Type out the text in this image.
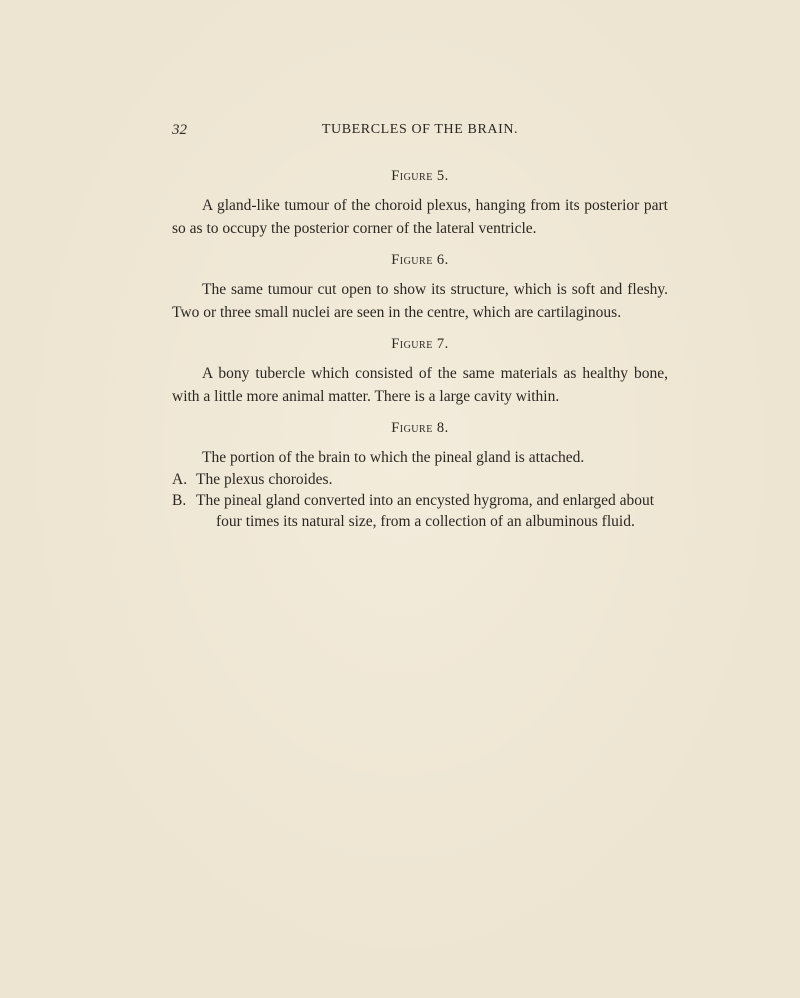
32	TUBERCLES OF THE BRAIN.
Figure 5.

A gland-like tumour of the choroid plexus, hanging from its posterior part so as to occupy the posterior corner of the lateral ventricle.

Figure 6.

The same tumour cut open to show its structure, which is soft and fleshy. Two or three small nuclei are seen in the centre, which are cartilaginous.

Figure 7.

A bony tubercle which consisted of the same materials as healthy bone, with a little more animal matter. There is a large cavity within.

Figure 8.

The portion of the brain to which the pineal gland is attached.

A. The plexus choroides.
B. The pineal gland converted into an encysted hygroma, and enlarged about four times its natural size, from a collection of an albuminous fluid.
